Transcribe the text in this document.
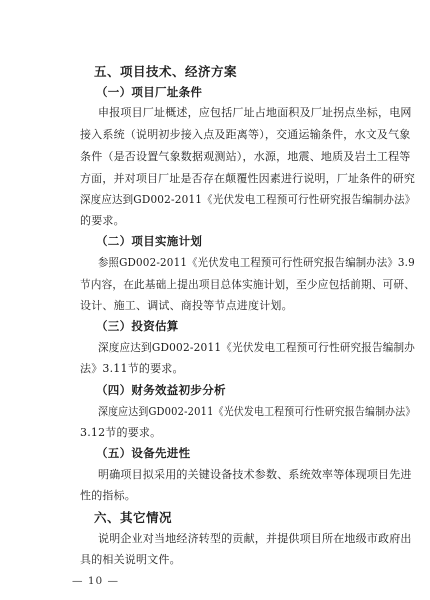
五、项目技术、经济方案
（一）项目厂址条件
申报项目厂址概述，应包括厂址占地面积及厂址拐点坐标，电网
接入系统（说明初步接入点及距离等），交通运输条件，水文及气象
条件（是否设置气象数据观测站），水源，地震、地质及岩土工程等
方面，并对项目厂址是否存在颠覆性因素进行说明，厂址条件的研究
深度应达到GD002-2011《光伏发电工程预可行性研究报告编制办法》
的要求。
（二）项目实施计划
参照GD002-2011《光伏发电工程预可行性研究报告编制办法》3.9
节内容，在此基础上提出项目总体实施计划，至少应包括前期、可研、
设计、施工、调试、商投等节点进度计划。
（三）投资估算
深度应达到GD002-2011《光伏发电工程预可行性研究报告编制办
法》3.11节的要求。
（四）财务效益初步分析
深度应达到GD002-2011《光伏发电工程预可行性研究报告编制办法》
3.12节的要求。
（五）设备先进性
明确项目拟采用的关键设备技术参数、系统效率等体现项目先进
性的指标。
六、其它情况
说明企业对当地经济转型的贡献，并提供项目所在地级市政府出
具的相关说明文件。
— 10 —
